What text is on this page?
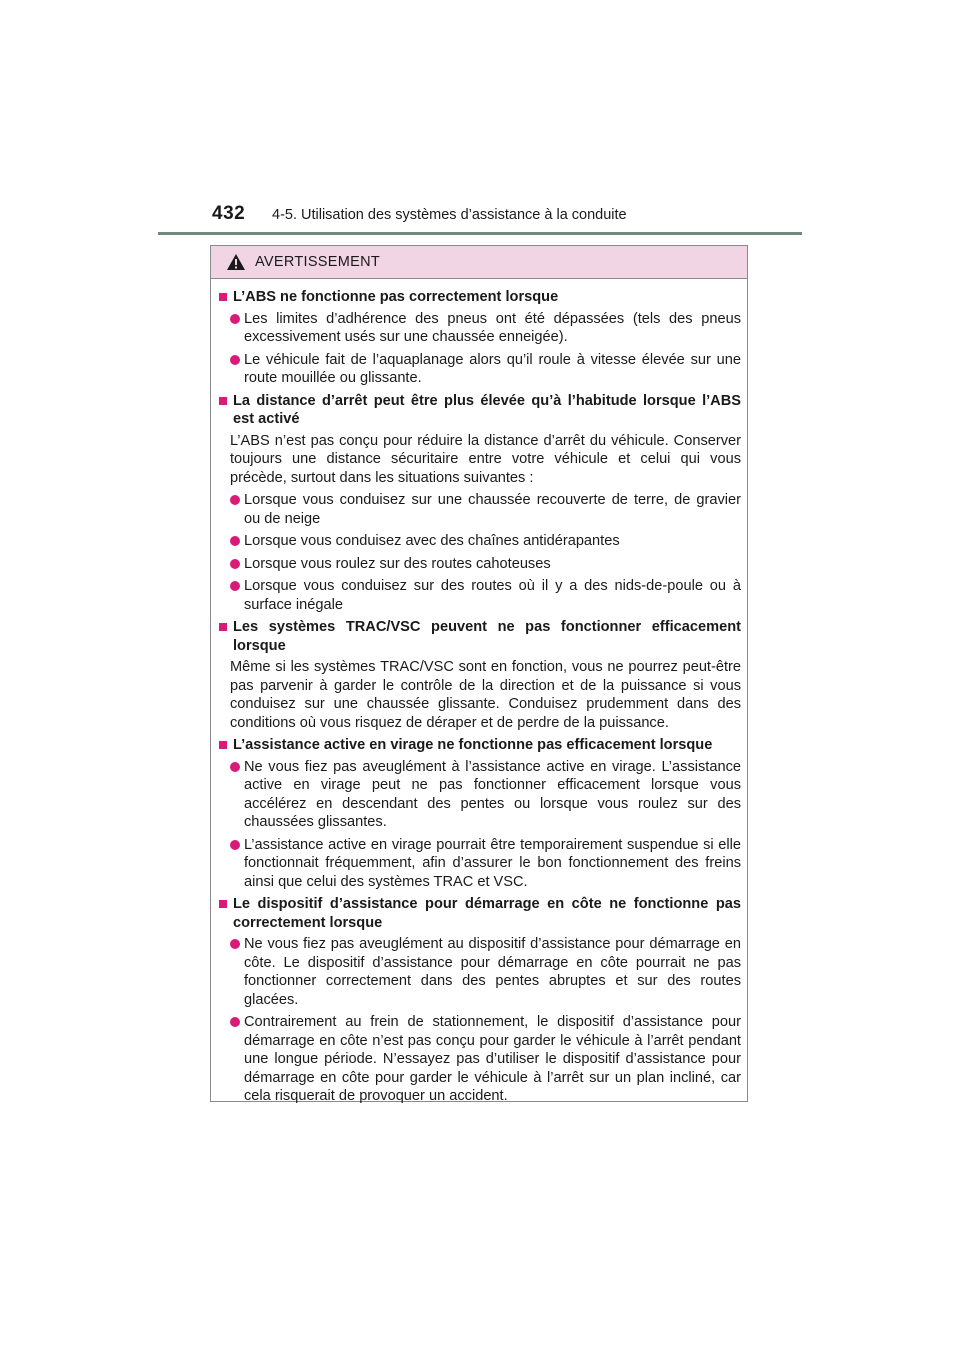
432 4-5. Utilisation des systèmes d’assistance à la conduite
AVERTISSEMENT
L’ABS ne fonctionne pas correctement lorsque
Les limites d’adhérence des pneus ont été dépassées (tels des pneus excessivement usés sur une chaussée enneigée).
Le véhicule fait de l’aquaplanage alors qu’il roule à vitesse élevée sur une route mouillée ou glissante.
La distance d’arrêt peut être plus élevée qu’à l’habitude lorsque l’ABS est activé
L’ABS n’est pas conçu pour réduire la distance d’arrêt du véhicule. Conserver toujours une distance sécuritaire entre votre véhicule et celui qui vous précède, surtout dans les situations suivantes :
Lorsque vous conduisez sur une chaussée recouverte de terre, de gravier ou de neige
Lorsque vous conduisez avec des chaînes antidérapantes
Lorsque vous roulez sur des routes cahoteuses
Lorsque vous conduisez sur des routes où il y a des nids-de-poule ou à surface inégale
Les systèmes TRAC/VSC peuvent ne pas fonctionner efficacement lorsque
Même si les systèmes TRAC/VSC sont en fonction, vous ne pourrez peut-être pas parvenir à garder le contrôle de la direction et de la puissance si vous conduisez sur une chaussée glissante. Conduisez prudemment dans des conditions où vous risquez de déraper et de perdre de la puissance.
L’assistance active en virage ne fonctionne pas efficacement lorsque
Ne vous fiez pas aveuglément à l’assistance active en virage. L’assistance active en virage peut ne pas fonctionner efficacement lorsque vous accélérez en descendant des pentes ou lorsque vous roulez sur des chaussées glissantes.
L’assistance active en virage pourrait être temporairement suspendue si elle fonctionnait fréquemment, afin d’assurer le bon fonctionnement des freins ainsi que celui des systèmes TRAC et VSC.
Le dispositif d’assistance pour démarrage en côte ne fonctionne pas correctement lorsque
Ne vous fiez pas aveuglément au dispositif d’assistance pour démarrage en côte. Le dispositif d’assistance pour démarrage en côte pourrait ne pas fonctionner correctement dans des pentes abruptes et sur des routes glacées.
Contrairement au frein de stationnement, le dispositif d’assistance pour démarrage en côte n’est pas conçu pour garder le véhicule à l’arrêt pendant une longue période. N’essayez pas d’utiliser le dispositif d’assistance pour démarrage en côte pour garder le véhicule à l’arrêt sur un plan incliné, car cela risquerait de provoquer un accident.
